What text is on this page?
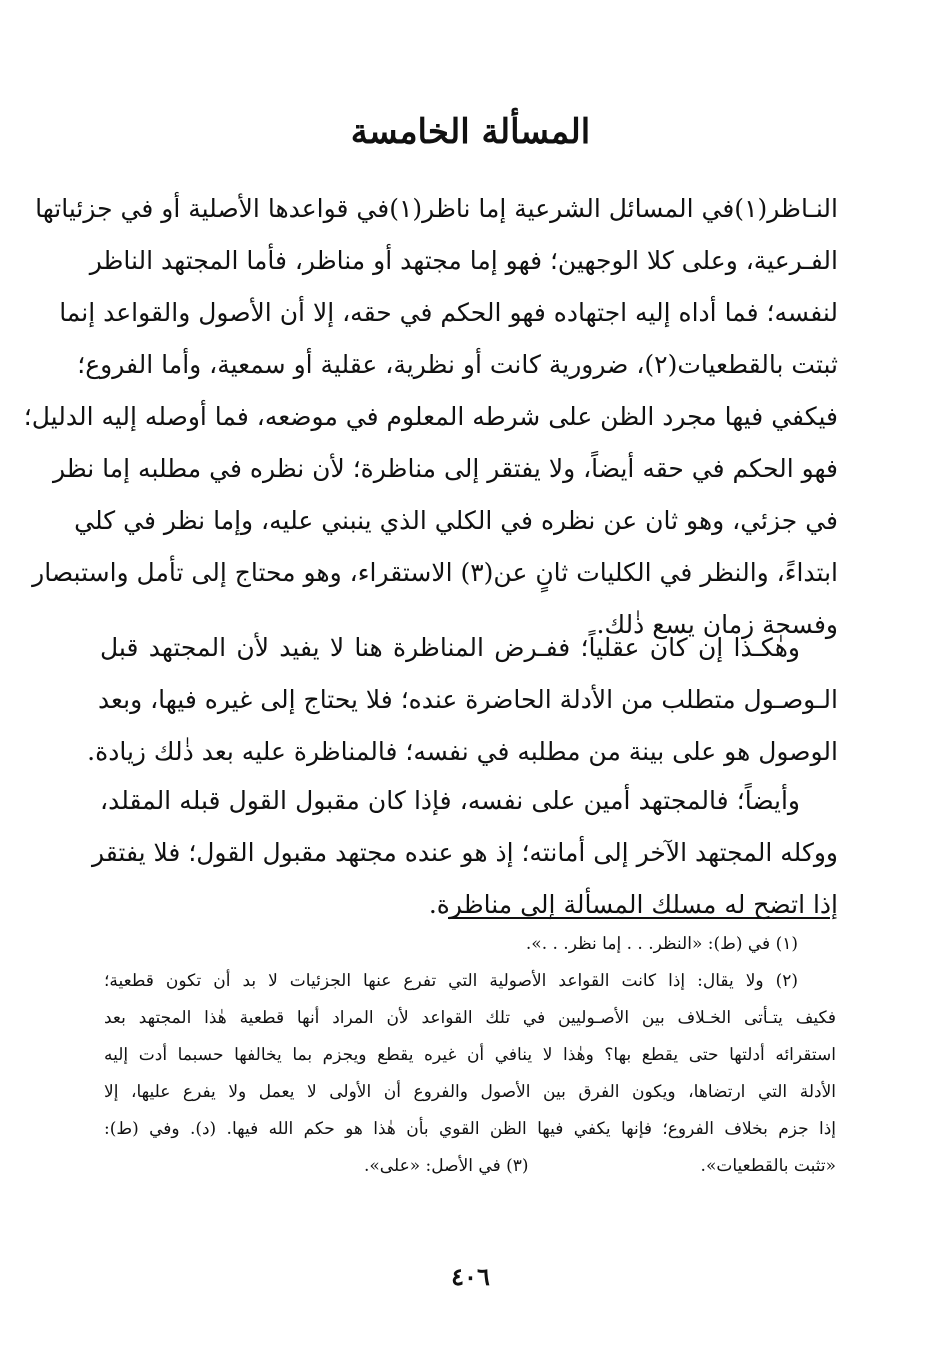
المسألة الخامسة
النـاظر(١)في المسائل الشرعية إما ناظر(١)في قواعدها الأصلية أو في جزئياتها
الفـرعية، وعلى كلا الوجهين؛ فهو إما مجتهد أو مناظر، فأما المجتهد الناظر
لنفسه؛ فما أداه إليه اجتهاده فهو الحكم في حقه، إلا أن الأصول والقواعد إنما
ثبتت بالقطعيات(٢)، ضرورية كانت أو نظرية، عقلية أو سمعية، وأما الفروع؛
فيكفي فيها مجرد الظن على شرطه المعلوم في موضعه، فما أوصله إليه الدليل؛
فهو الحكم في حقه أيضاً، ولا يفتقر إلى مناظرة؛ لأن نظره في مطلبه إما نظر
في جزئي، وهو ثان عن نظره في الكلي الذي ينبني عليه، وإما نظر في كلي
ابتداءً، والنظر في الكليات ثانٍ عن(٣) الاستقراء، وهو محتاج إلى تأمل واستبصار
وفسحة زمان يسع ذٰلك.
وهٰكـذا إن كان عقلياً؛ ففـرض المناظرة هنا لا يفيد لأن المجتهد قبل
الـوصـول متطلب من الأدلة الحاضرة عنده؛ فلا يحتاج إلى غيره فيها، وبعد
الوصول هو على بينة من مطلبه في نفسه؛ فالمناظرة عليه بعد ذٰلك زيادة.
وأيضاً؛ فالمجتهد أمين على نفسه، فإذا كان مقبول القول قبله المقلد،
ووكله المجتهد الآخر إلى أمانته؛ إذ هو عنده مجتهد مقبول القول؛ فلا يفتقر
إذا اتضح له مسلك المسألة إلى مناظرة.
(١) في (ط): «النظر. . . إما نظر. . .».
(٢) ولا يقال: إذا كانت القواعد الأصولية التي تفرع عنها الجزئيات لا بد أن تكون قطعية؛
فكيف يتـأتى الخـلاف بين الأصـوليين في تلك القواعد لأن المراد أنها قطعية هٰذا المجتهد بعد
استقرائه أدلتها حتى يقطع بها؟ وهٰذا لا ينافي أن غيره يقطع ويجزم بما يخالفها حسبما أدت إليه
الأدلة التي ارتضاها، ويكون الفرق بين الأصول والفروع أن الأولى لا يعمل ولا يفرع عليها، إلا
إذا جزم بخلاف الفروع؛ فإنها يكفي فيها الظن القوي بأن هٰذا هو حكم الله فيها. (د). وفي (ط):
«تثبت بالقطعيات».
(٣) في الأصل: «على».
٤٠٦
